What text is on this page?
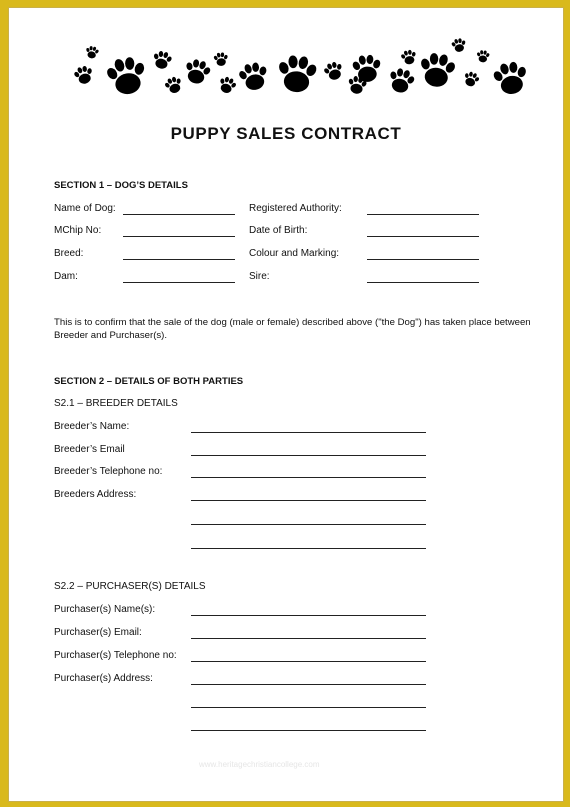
PUPPY SALES CONTRACT
SECTION 1 – DOG’S DETAILS
Name of Dog:	Registered Authority:
MChip No:	Date of Birth:
Breed:	Colour and Marking:
Dam:	Sire:
This is to confirm that the sale of the dog (male or female) described above ("the Dog") has taken place between Breeder and Purchaser(s).
SECTION 2 – DETAILS OF BOTH PARTIES
S2.1 – BREEDER DETAILS
Breeder’s Name:
Breeder’s Email
Breeder’s Telephone no:
Breeders Address:
S2.2 – PURCHASER(S) DETAILS
Purchaser(s) Name(s):
Purchaser(s) Email:
Purchaser(s) Telephone no:
Purchaser(s) Address:
www.heritagechristiancollege.com
